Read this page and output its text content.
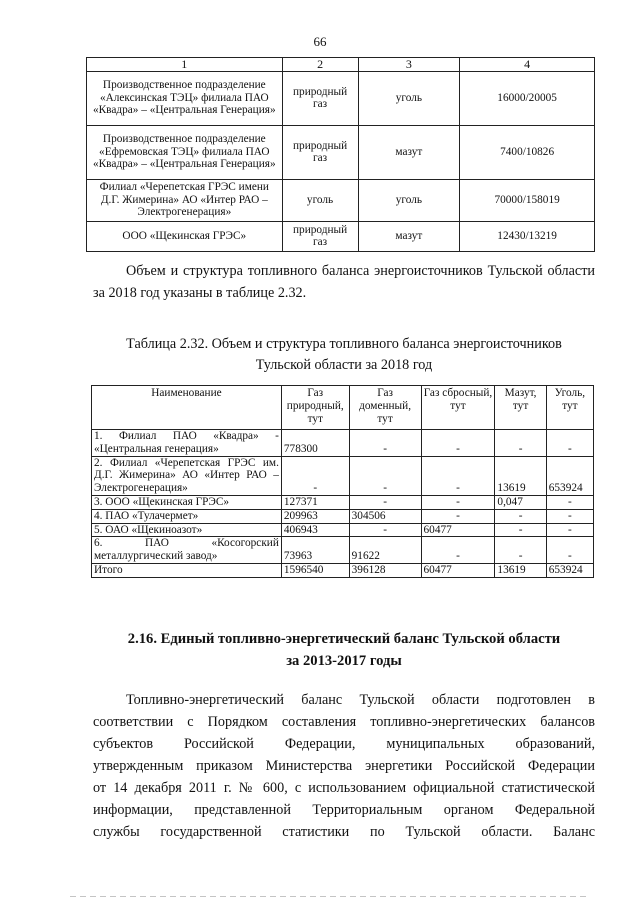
66
1	2	3	4
Производственное подразделение «Алексинская ТЭЦ» филиала ПАО «Квадра» – «Центральная Генерация»	природный газ	уголь	16000/20005
Производственное подразделение «Ефремовская ТЭЦ» филиала ПАО «Квадра» – «Центральная Генерация»	природный газ	мазут	7400/10826
Филиал «Черепетская ГРЭС имени Д.Г. Жимерина» АО «Интер РАО – Электрогенерация»	уголь	уголь	70000/158019
ООО «Щекинская ГРЭС»	природный газ	мазут	12430/13219

Объем и структура топливного баланса энергоисточников Тульской области за 2018 год указаны в таблице 2.32.

Таблица 2.32. Объем и структура топливного баланса энергоисточников
Тульской области за 2018 год
Наименование	Газ природный, тут	Газ доменный, тут	Газ сбросный, тут	Мазут, тут	Уголь, тут
1. Филиал ПАО «Квадра» - «Центральная генерация»	778300	-	-	-	-
2. Филиал «Черепетская ГРЭС им. Д.Г. Жимерина» АО «Интер РАО – Электрогенерация»	-	-	-	13619	653924
3. ООО «Щекинская ГРЭС»	127371	-	-	0,047	-
4. ПАО «Тулачермет»	209963	304506	-	-	-
5. ОАО «Щекиноазот»	406943	-	60477	-	-
6. ПАО «Косогорский металлургический завод»	73963	91622	-	-	-
Итого	1596540	396128	60477	13619	653924
2.16. Единый топливно-энергетический баланс Тульской области
за 2013-2017 годы
Топливно-энергетический баланс Тульской области подготовлен в
соответствии с Порядком составления топливно-энергетических балансов
субъектов Российской Федерации, муниципальных образований,
утвержденным приказом Министерства энергетики Российской Федерации
от 14 декабря 2011 г. № 600, с использованием официальной статистической
информации, представленной Территориальным органом Федеральной
службы государственной статистики по Тульской области. Баланс
